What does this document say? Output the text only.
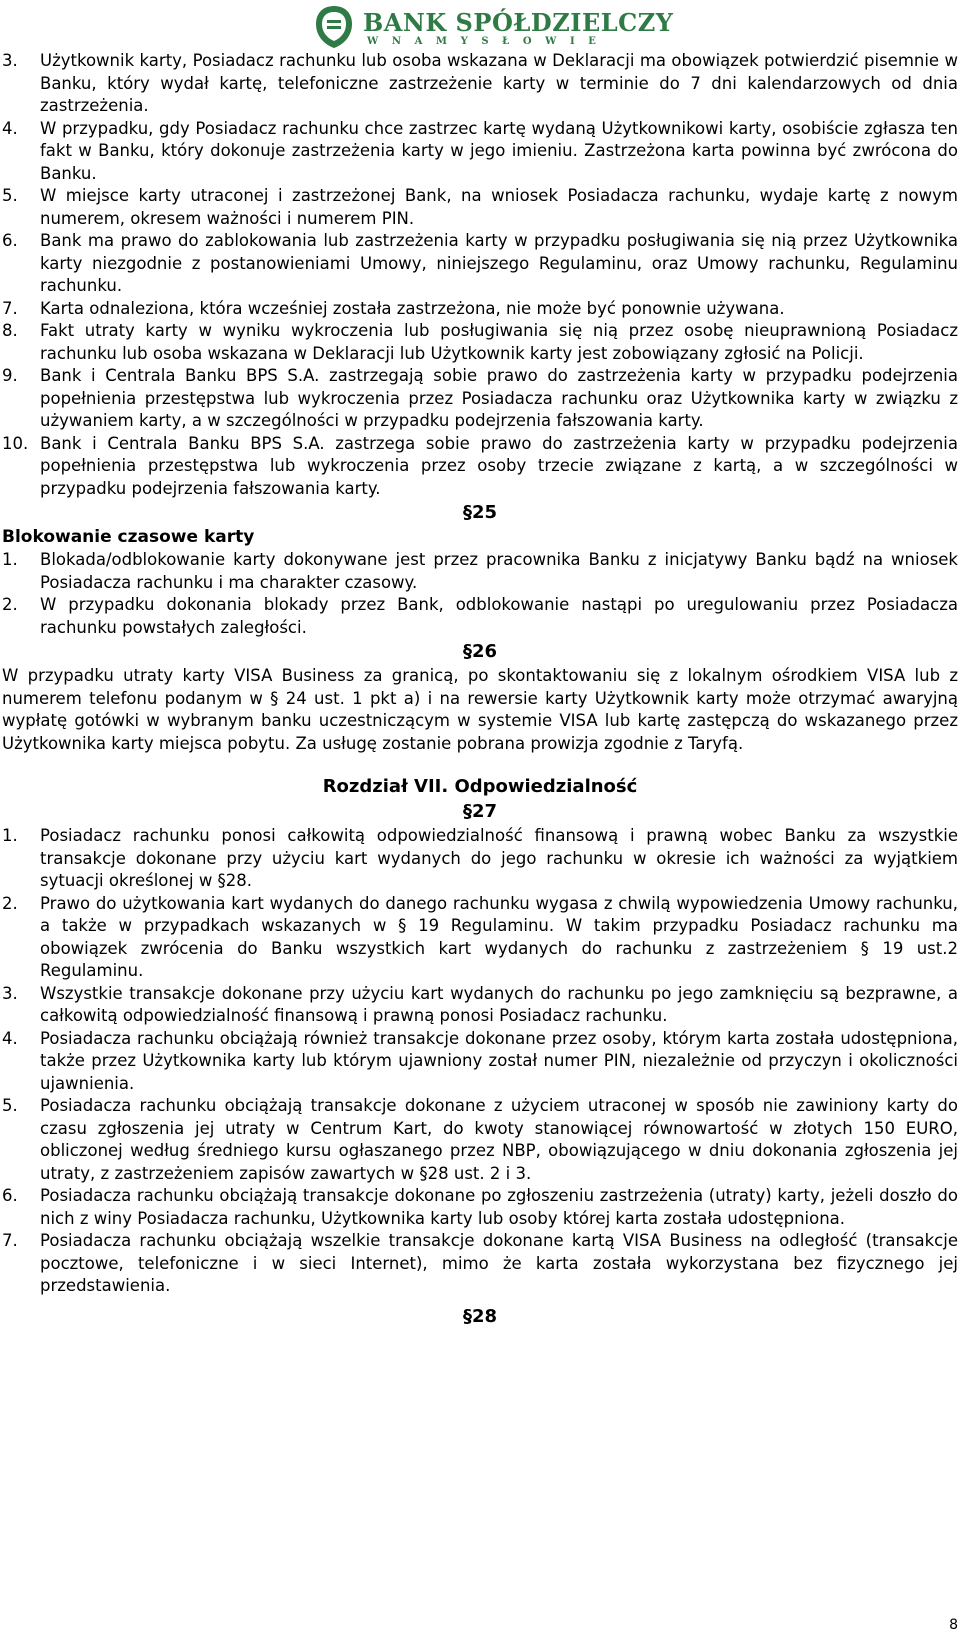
BANK SPÓŁDZIELCZY
WNAMYSŁOWIE
3.	Użytkownik karty, Posiadacz rachunku lub osoba wskazana w Deklaracji ma obowiązek potwierdzić pisemnie w Banku, który wydał kartę, telefoniczne zastrzeżenie karty w terminie do 7 dni kalendarzowych od dnia zastrzeżenia.
4.	W przypadku, gdy Posiadacz rachunku chce zastrzec kartę wydaną Użytkownikowi karty, osobiście zgłasza ten fakt w Banku, który dokonuje zastrzeżenia karty w jego imieniu. Zastrzeżona karta powinna być zwrócona do Banku.
5.	W miejsce karty utraconej i zastrzeżonej Bank, na wniosek Posiadacza rachunku, wydaje kartę z nowym numerem, okresem ważności i numerem PIN.
6.	Bank ma prawo do zablokowania lub zastrzeżenia karty w przypadku posługiwania się nią przez Użytkownika karty niezgodnie z postanowieniami Umowy, niniejszego Regulaminu, oraz Umowy rachunku, Regulaminu rachunku.
7.	Karta odnaleziona, która wcześniej została zastrzeżona, nie może być ponownie używana.
8.	Fakt utraty karty w wyniku wykroczenia lub posługiwania się nią przez osobę nieuprawnioną Posiadacz rachunku lub osoba wskazana w Deklaracji lub Użytkownik karty jest zobowiązany zgłosić na Policji.
9.	Bank i Centrala Banku BPS S.A. zastrzegają sobie prawo do zastrzeżenia karty w przypadku podejrzenia popełnienia przestępstwa lub wykroczenia przez Posiadacza rachunku oraz Użytkownika karty w związku z używaniem karty, a w szczególności w przypadku podejrzenia fałszowania karty.
10. Bank i Centrala Banku BPS S.A. zastrzega sobie prawo do zastrzeżenia karty w przypadku podejrzenia popełnienia przestępstwa lub wykroczenia przez osoby trzecie związane z kartą, a w szczególności w przypadku podejrzenia fałszowania karty.
§25
Blokowanie czasowe karty
1.	Blokada/odblokowanie karty dokonywane jest przez pracownika Banku z inicjatywy Banku bądź na wniosek Posiadacza rachunku i ma charakter czasowy.
2.	W przypadku dokonania blokady przez Bank, odblokowanie nastąpi po uregulowaniu przez Posiadacza rachunku powstałych zaległości.
§26
W przypadku utraty karty VISA Business za granicą, po skontaktowaniu się z lokalnym ośrodkiem VISA lub z numerem telefonu podanym w § 24 ust. 1 pkt a) i na rewersie karty Użytkownik karty może otrzymać awaryjną wypłatę gotówki w wybranym banku uczestniczącym w systemie VISA lub kartę zastępczą do wskazanego przez Użytkownika karty miejsca pobytu. Za usługę zostanie pobrana prowizja zgodnie z Taryfą.
Rozdział VII. Odpowiedzialność
§27
1.	Posiadacz rachunku ponosi całkowitą odpowiedzialność finansową i prawną wobec Banku za wszystkie transakcje dokonane przy użyciu kart wydanych do jego rachunku w okresie ich ważności za wyjątkiem sytuacji określonej w §28.
2.	Prawo do użytkowania kart wydanych do danego rachunku wygasa z chwilą wypowiedzenia Umowy rachunku, a także w przypadkach wskazanych w § 19 Regulaminu. W takim przypadku Posiadacz rachunku ma obowiązek zwrócenia do Banku wszystkich kart wydanych do rachunku z zastrzeżeniem § 19 ust.2 Regulaminu.
3.	Wszystkie transakcje dokonane przy użyciu kart wydanych do rachunku po jego zamknięciu są bezprawne, a całkowitą odpowiedzialność finansową i prawną ponosi Posiadacz rachunku.
4.	Posiadacza rachunku obciążają również transakcje dokonane przez osoby, którym karta została udostępniona, także przez Użytkownika karty lub którym ujawniony został numer PIN, niezależnie od przyczyn i okoliczności ujawnienia.
5.	Posiadacza rachunku obciążają transakcje dokonane z użyciem utraconej w sposób nie zawiniony karty do czasu zgłoszenia jej utraty w Centrum Kart, do kwoty stanowiącej równowartość w złotych 150 EURO, obliczonej według średniego kursu ogłaszanego przez NBP, obowiązującego w dniu dokonania zgłoszenia jej utraty, z zastrzeżeniem zapisów zawartych w §28 ust. 2 i 3.
6.	Posiadacza rachunku obciążają transakcje dokonane po zgłoszeniu zastrzeżenia (utraty) karty, jeżeli doszło do nich z winy Posiadacza rachunku, Użytkownika karty lub osoby której karta została udostępniona.
7.	Posiadacza rachunku obciążają wszelkie transakcje dokonane kartą VISA Business na odległość (transakcje pocztowe, telefoniczne i w sieci Internet), mimo że karta została wykorzystana bez fizycznego jej przedstawienia.
§28
8
